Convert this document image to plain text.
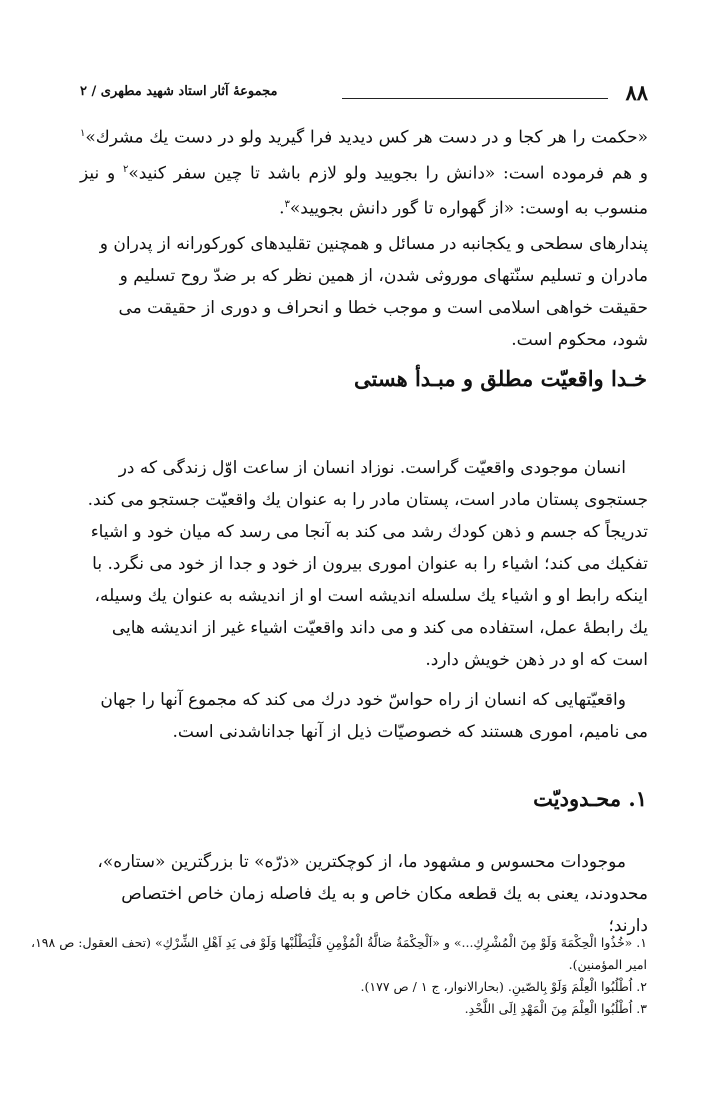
۸۸
مجموعهٔ آثار استاد شهيد مطهری / ۲

«حكمت را هر كجا و در دست هر كس ديديد فرا گيريد ولو در دست يك مشرك»$^۱$ و هم فرموده است: «دانش را بجوييد ولو لازم باشد تا چين سفر كنيد»$^۲$ و نيز منسوب به اوست: «از گهواره تا گور دانش بجوييد»$^۳$.

پندارهای سطحی و يكجانبه در مسائل و همچنين تقليدهای كوركورانه از پدران و مادران و تسليم سنّتهای موروثی شدن، از همين نظر كه بر ضدّ روح تسليم و حقيقت خواهی اسلامی است و موجب خطا و انحراف و دوری از حقيقت می شود، محكوم است.

خـدا واقعيّت مطلق و مبـدأ هستی

انسان موجودی واقعيّت گراست. نوزاد انسان از ساعت اوّل زندگی كه در جستجوی پستان مادر است، پستان مادر را به عنوان يك واقعيّت جستجو می كند. تدريجاً كه جسم و ذهن كودك رشد می كند به آنجا می رسد كه ميان خود و اشياء تفكيك می كند؛ اشياء را به عنوان اموری بيرون از خود و جدا از خود می نگرد. با اينكه رابط او و اشياء يك سلسله انديشه است او از انديشه به عنوان يك وسيله، يك رابطهٔ عمل، استفاده می كند و می داند واقعيّت اشياء غير از انديشه هايی است كه او در ذهن خويش دارد.

واقعيّتهايی كه انسان از راه حواسّ خود درك می كند كه مجموع آنها را جهان می ناميم، اموری هستند كه خصوصيّات ذيل از آنها جداناشدنی است.

۱. محـدوديّت

موجودات محسوس و مشهود ما، از كوچكترين «ذرّه» تا بزرگترين «ستاره»، محدودند، يعنی به يك قطعه مكان خاص و به يك فاصله زمان خاص اختصاص دارند؛

۱. «خُذُوا الْحِكْمَةَ وَلَوْ مِنَ الْمُشْرِكِ...» و «اَلْحِكْمَةُ ضالَّةُ الْمُؤْمِنِ فَلْيَطْلُبْها وَلَوْ فی يَدِ اَهْلِ الشِّرْكِ» (تحف العقول: ص ۱۹۸،
امير المؤمنين).
۲. اُطْلُبُوا الْعِلْمَ وَلَوْ بِالصّينِ. (بحارالانوار، ج ۱ / ص ۱۷۷).
۳. اُطْلُبُوا الْعِلْمَ مِنَ الْمَهْدِ اِلَى اللَّحْدِ.
